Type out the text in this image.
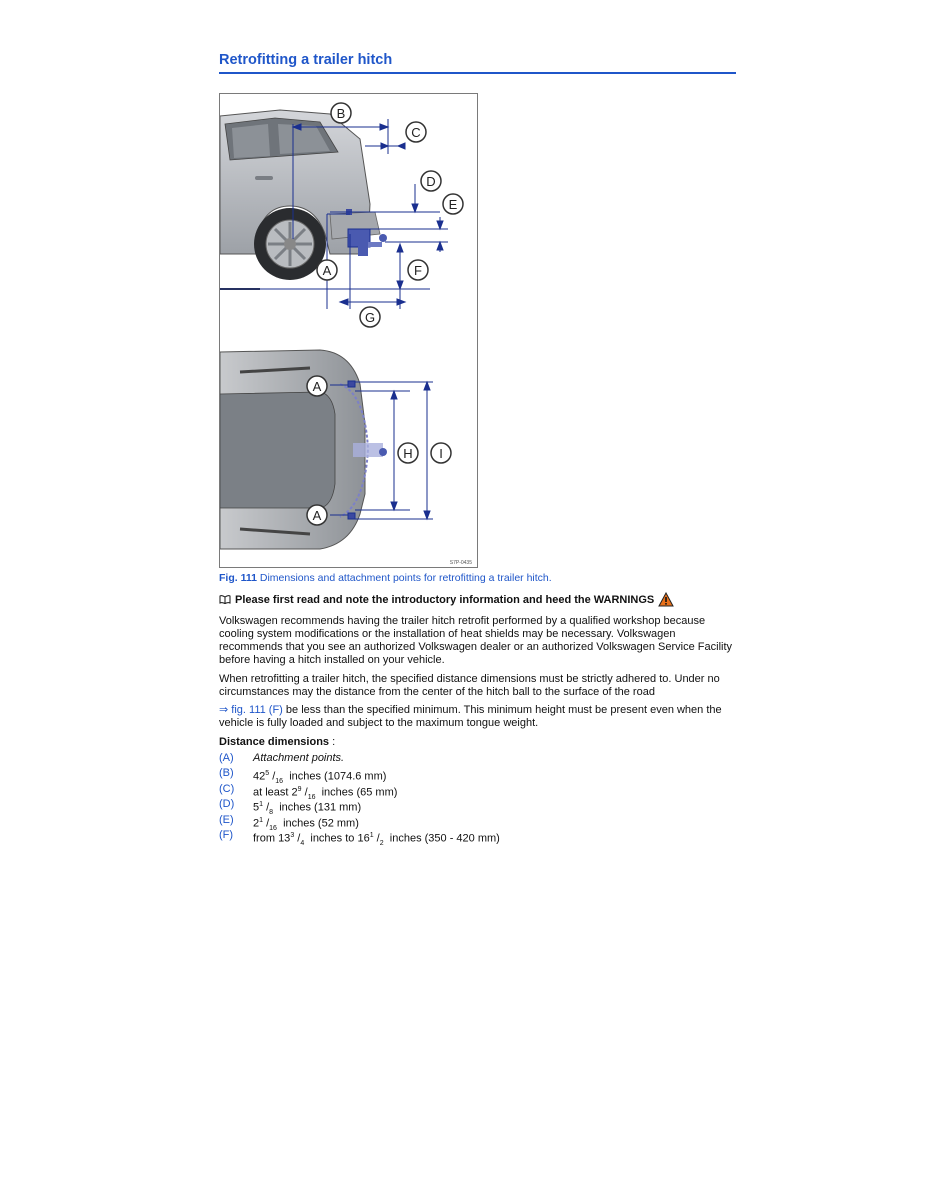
Retrofitting a trailer hitch
B
C
D
E
A	F
G
A
H I
A
S7P-0435
Fig. 111 Dimensions and attachment points for retrofitting a trailer hitch.
Please first read and note the introductory information and heed the WARNINGS
Volkswagen recommends having the trailer hitch retrofit performed by a qualified workshop because cooling system modifications or the installation of heat shields may be necessary. Volkswagen recommends that you see an authorized Volkswagen dealer or an authorized Volkswagen Service Facility before having a hitch installed on your vehicle.
When retrofitting a trailer hitch, the specified distance dimensions must be strictly adhered to. Under no circumstances may the distance from the center of the hitch ball to the surface of the road
⇒ fig. 111 (F) be less than the specified minimum. This minimum height must be present even when the vehicle is fully loaded and subject to the maximum tongue weight.
Distance dimensions :
(A)	Attachment points.
(B)	$42^5$ $/_{16}$ inches (1074.6 mm)
(C)	at least $2^9$ $/_{16}$ inches (65 mm)
(D)	$5^1$ $/_8$ inches (131 mm)
(E)	$2^1$ $/_{16}$ inches (52 mm)
(F)	from $13^3$ $/_4$ inches to $16^1$ $/_2$ inches (350 - 420 mm)
